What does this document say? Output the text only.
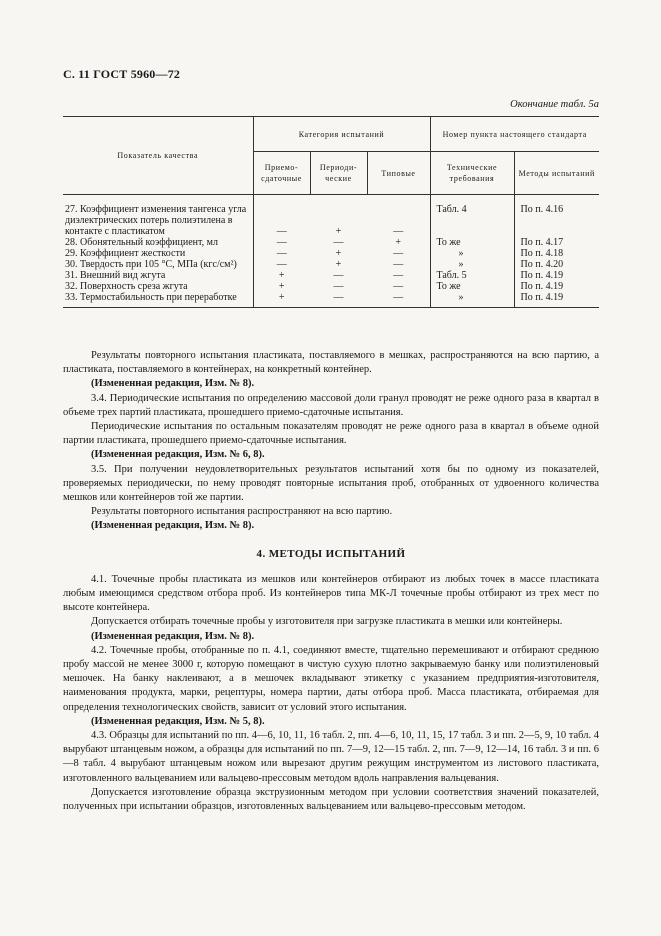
С. 11 ГОСТ 5960—72
Окончание табл. 5а
Показатель качества	Категория испытаний			Номер пункта настоящего стандарта	
	Приемо-сдаточные	Периоди-ческие	Типовые	Технические требования	Методы испытаний

27. Коэффициент изменения тангенса угла диэлектрических потерь полиэтилена в контакте с пластикатом	—	+	—	Табл. 4	По п. 4.16
28. Обонятельный коэффициент, мл	—	—	+	То же	По п. 4.17
29. Коэффициент жесткости	—	+	—	»	По п. 4.18
30. Твердость при 105 °С, МПа (кгс/см²)	—	+	—	»	По п. 4.20
31. Внешний вид жгута	+	—	—	Табл. 5	По п. 4.19
32. Поверхность среза жгута	+	—	—	То же	По п. 4.19
33. Термостабильность при переработке	+	—	—	»	По п. 4.19

Результаты повторного испытания пластиката, поставляемого в мешках, распространяются на всю партию, а пластиката, поставляемого в контейнерах, на конкретный контейнер.

(Измененная редакция, Изм. № 8).

3.4. Периодические испытания по определению массовой доли гранул проводят не реже одного раза в квартал в объеме трех партий пластиката, прошедшего приемо-сдаточные испытания.

Периодические испытания по остальным показателям проводят не реже одного раза в квартал в объеме одной партии пластиката, прошедшего приемо-сдаточные испытания.

(Измененная редакция, Изм. № 6, 8).

3.5. При получении неудовлетворительных результатов испытаний хотя бы по одному из показателей, проверяемых периодически, по нему проводят повторные испытания проб, отобранных от удвоенного количества мешков или контейнеров той же партии.

Результаты повторного испытания распространяют на всю партию.

(Измененная редакция, Изм. № 8).

4. МЕТОДЫ ИСПЫТАНИЙ

4.1. Точечные пробы пластиката из мешков или контейнеров отбирают из любых точек в массе пластиката любым имеющимся средством отбора проб. Из контейнеров типа МК-Л точечные пробы отбирают из трех мест по высоте контейнера.

Допускается отбирать точечные пробы у изготовителя при загрузке пластиката в мешки или контейнеры.

(Измененная редакция, Изм. № 8).

4.2. Точечные пробы, отобранные по п. 4.1, соединяют вместе, тщательно перемешивают и отбирают среднюю пробу массой не менее 3000 г, которую помещают в чистую сухую плотно закрываемую банку или полиэтиленовый мешочек. На банку наклеивают, а в мешочек вкладывают этикетку с указанием предприятия-изготовителя, наименования продукта, марки, рецептуры, номера партии, даты отбора проб. Масса пластиката, отбираемая для определения технологических свойств, зависит от условий этого испытания.

(Измененная редакция, Изм. № 5, 8).

4.3. Образцы для испытаний по пп. 4—6, 10, 11, 16 табл. 2, пп. 4—6, 10, 11, 15, 17 табл. 3 и пп. 2—5, 9, 10 табл. 4 вырубают штанцевым ножом, а образцы для испытаний по пп. 7—9, 12—15 табл. 2, пп. 7—9, 12—14, 16 табл. 3 и пп. 6—8 табл. 4 вырубают штанцевым ножом или вырезают другим режущим инструментом из листового пластиката, изготовленного вальцеванием или вальцево-прессовым методом вдоль направления вальцевания.

Допускается изготовление образца экструзионным методом при условии соответствия значений показателей, полученных при испытании образцов, изготовленных вальцеванием или вальцево-прессовым методом.
